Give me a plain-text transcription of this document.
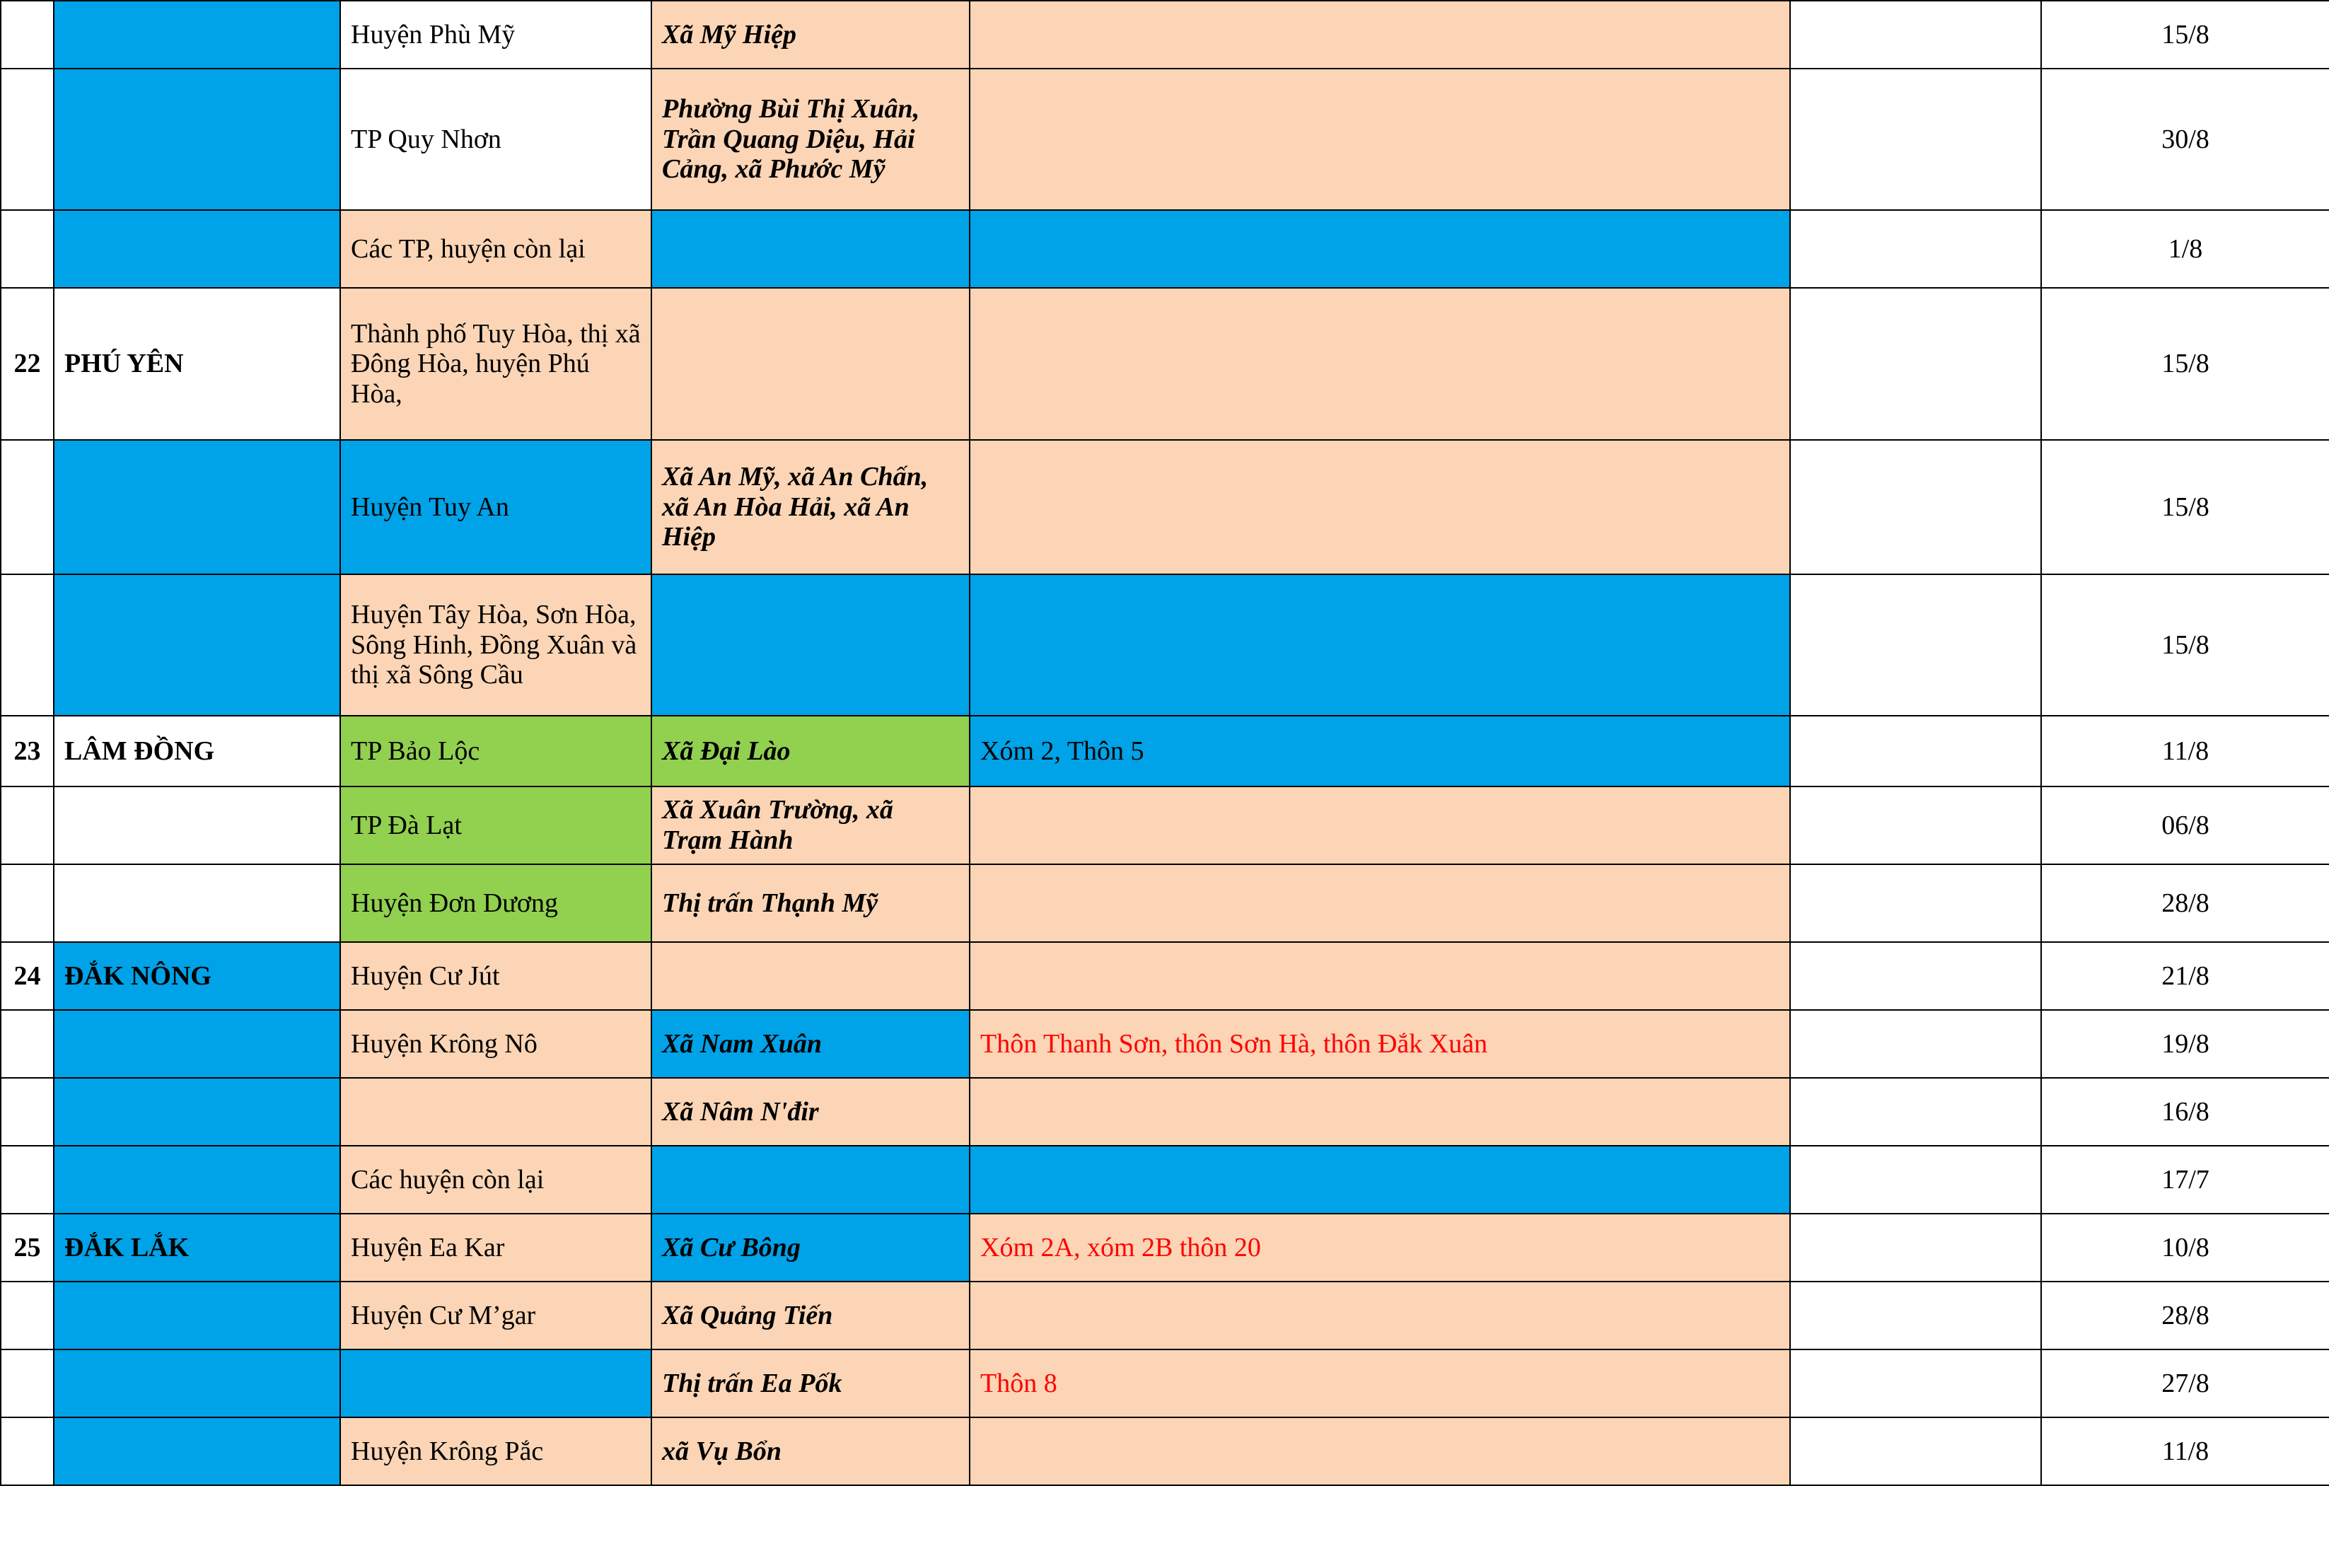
		Huyện Phù Mỹ	Xã Mỹ Hiệp			15/8
		TP Quy Nhơn	Phường Bùi Thị Xuân, Trần Quang Diệu, Hải Cảng, xã Phước Mỹ			30/8
		Các TP, huyện còn lại				1/8
22	PHÚ YÊN	Thành phố Tuy Hòa, thị xã Đông Hòa, huyện Phú Hòa,				15/8
		Huyện Tuy An	Xã An Mỹ, xã An Chấn, xã An Hòa Hải, xã An Hiệp			15/8
		Huyện Tây Hòa, Sơn Hòa, Sông Hinh, Đồng Xuân và thị xã Sông Cầu				15/8
23	LÂM ĐỒNG	TP Bảo Lộc	Xã Đại Lào	Xóm 2, Thôn 5		11/8
		TP Đà Lạt	Xã Xuân Trường, xã Trạm Hành			06/8
		Huyện Đơn Dương	Thị trấn Thạnh Mỹ			28/8
24	ĐẮK NÔNG	Huyện Cư Jút				21/8
		Huyện Krông Nô	Xã Nam Xuân	Thôn Thanh Sơn, thôn Sơn Hà, thôn Đắk Xuân		19/8
			Xã Nâm N'đir			16/8
		Các huyện còn lại				17/7
25	ĐẮK LẮK	Huyện Ea Kar	Xã Cư Bông	Xóm 2A, xóm 2B thôn 20		10/8
		Huyện Cư M’gar	Xã Quảng Tiến			28/8
			Thị trấn Ea Pốk	Thôn 8		27/8
		Huyện Krông Pắc	xã Vụ Bổn			11/8
